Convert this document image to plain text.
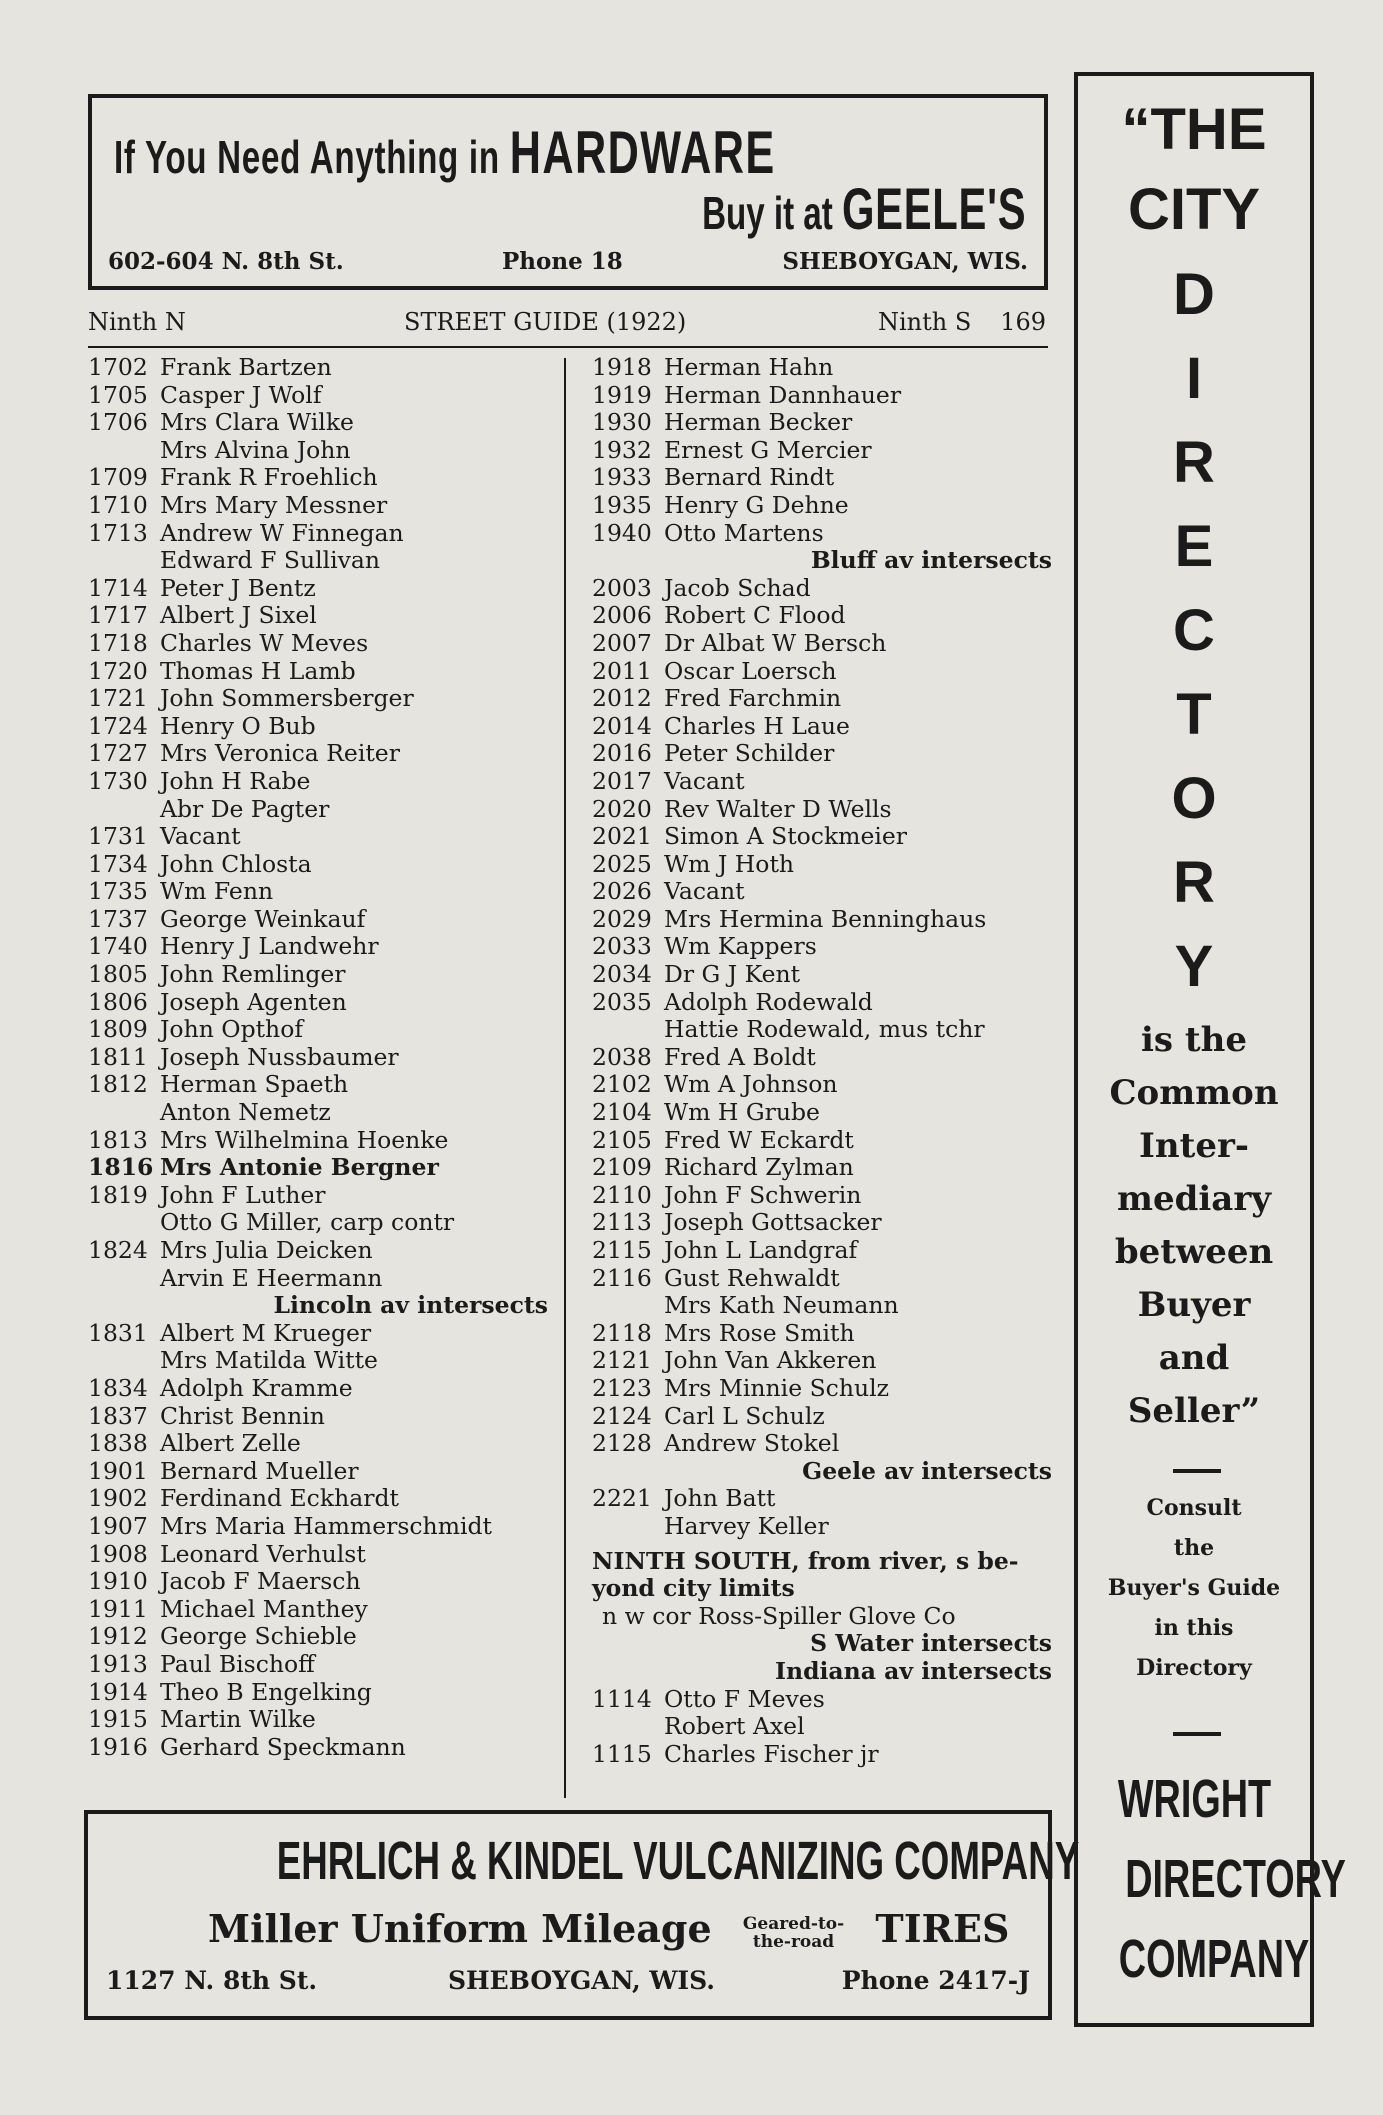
If You Need Anything in HARDWARE
Buy it at GEELE'S
602-604 N. 8th St.	Phone 18	SHEBOYGAN, WIS.
Ninth N	STREET GUIDE (1922)	Ninth S 169
1702 Frank Bartzen
1705 Casper J Wolf
1706 Mrs Clara Wilke
Mrs Alvina John
1709 Frank R Froehlich
1710 Mrs Mary Messner
1713 Andrew W Finnegan
Edward F Sullivan
1714 Peter J Bentz
1717 Albert J Sixel
1718 Charles W Meves
1720 Thomas H Lamb
1721 John Sommersberger
1724 Henry O Bub
1727 Mrs Veronica Reiter
1730 John H Rabe
Abr De Pagter
1731 Vacant
1734 John Chlosta
1735 Wm Fenn
1737 George Weinkauf
1740 Henry J Landwehr
1805 John Remlinger
1806 Joseph Agenten
1809 John Opthof
1811 Joseph Nussbaumer
1812 Herman Spaeth
Anton Nemetz
1813 Mrs Wilhelmina Hoenke
1816 Mrs Antonie Bergner
1819 John F Luther
Otto G Miller, carp contr
1824 Mrs Julia Deicken
Arvin E Heermann
Lincoln av intersects
1831 Albert M Krueger
Mrs Matilda Witte
1834 Adolph Kramme
1837 Christ Bennin
1838 Albert Zelle
1901 Bernard Mueller
1902 Ferdinand Eckhardt
1907 Mrs Maria Hammerschmidt
1908 Leonard Verhulst
1910 Jacob F Maersch
1911 Michael Manthey
1912 George Schieble
1913 Paul Bischoff
1914 Theo B Engelking
1915 Martin Wilke
1916 Gerhard Speckmann
1918 Herman Hahn
1919 Herman Dannhauer
1930 Herman Becker
1932 Ernest G Mercier
1933 Bernard Rindt
1935 Henry G Dehne
1940 Otto Martens
Bluff av intersects
2003 Jacob Schad
2006 Robert C Flood
2007 Dr Albat W Bersch
2011 Oscar Loersch
2012 Fred Farchmin
2014 Charles H Laue
2016 Peter Schilder
2017 Vacant
2020 Rev Walter D Wells
2021 Simon A Stockmeier
2025 Wm J Hoth
2026 Vacant
2029 Mrs Hermina Benninghaus
2033 Wm Kappers
2034 Dr G J Kent
2035 Adolph Rodewald
Hattie Rodewald, mus tchr
2038 Fred A Boldt
2102 Wm A Johnson
2104 Wm H Grube
2105 Fred W Eckardt
2109 Richard Zylman
2110 John F Schwerin
2113 Joseph Gottsacker
2115 John L Landgraf
2116 Gust Rehwaldt
Mrs Kath Neumann
2118 Mrs Rose Smith
2121 John Van Akkeren
2123 Mrs Minnie Schulz
2124 Carl L Schulz
2128 Andrew Stokel
Geele av intersects
2221 John Batt
Harvey Keller
NINTH SOUTH, from river, s be-
yond city limits
n w cor Ross-Spiller Glove Co
S Water intersects
Indiana av intersects
1114 Otto F Meves
Robert Axel
1115 Charles Fischer jr
EHRLICH & KINDEL VULCANIZING COMPANY
Miller Uniform Mileage Geared-to-
the-road TIRES
1127 N. 8th St.	SHEBOYGAN, WIS.	Phone 2417-J
“THE
CITY
D
I
R
E
C
T
O
R
Y
is the
Common
Inter-
mediary
between
Buyer
and
Seller”
Consult
the
Buyer's Guide
in this
Directory
WRIGHT
DIRECTORY
COMPANY
